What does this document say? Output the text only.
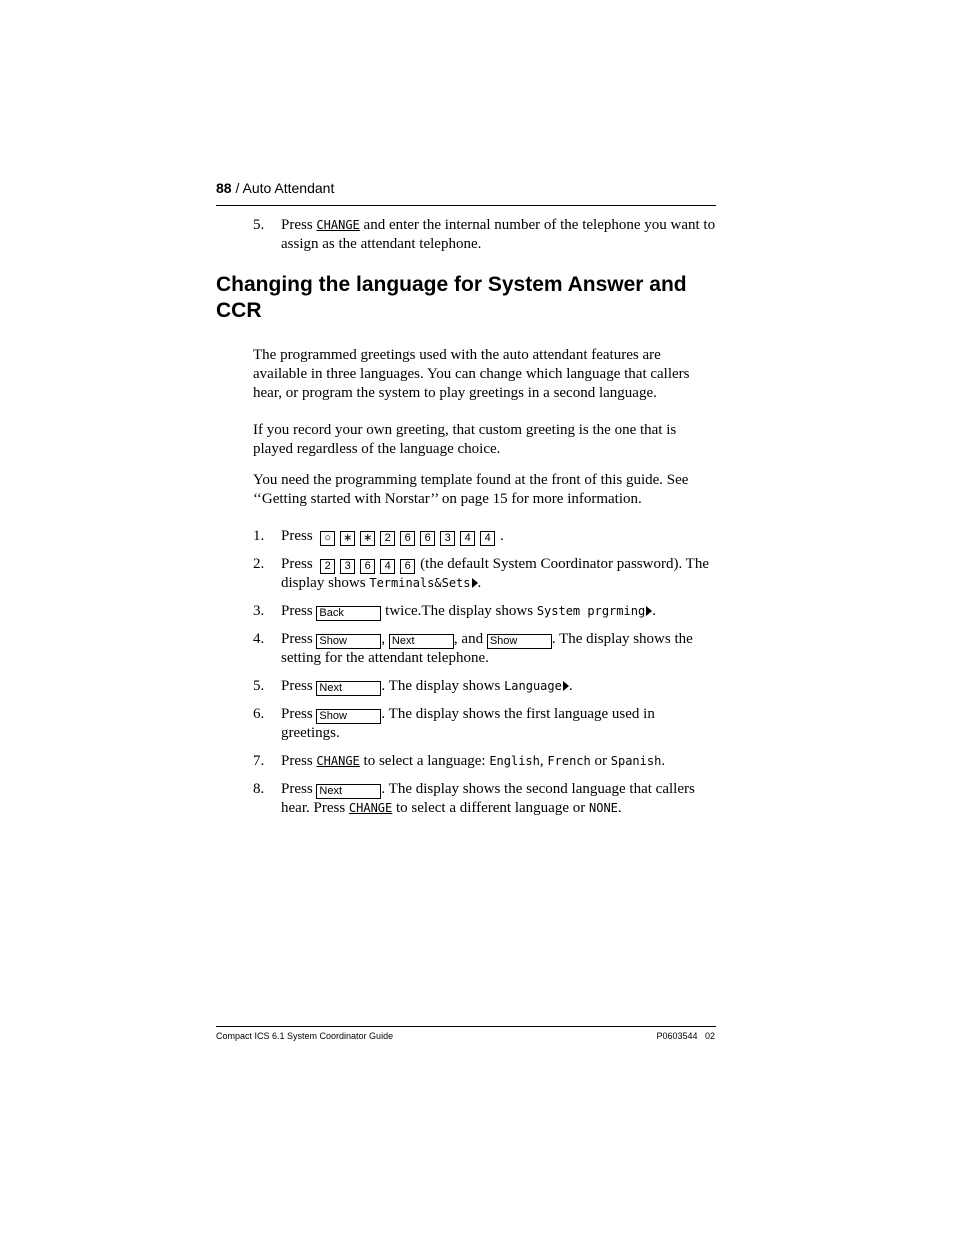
88 / Auto Attendant
5. Press CHANGE and enter the internal number of the telephone you want to assign as the attendant telephone.
Changing the language for System Answer and CCR
The programmed greetings used with the auto attendant features are available in three languages. You can change which language that callers hear, or program the system to play greetings in a second language.
If you record your own greeting, that custom greeting is the one that is played regardless of the language choice.
You need the programming template found at the front of this guide. See ‘‘Getting started with Norstar’’ on page 15 for more information.
1. Press ○ ∗ ∗ 2 6 6 3 4 4 .
2. Press 2 3 6 4 6 (the default System Coordinator password). The display shows Terminals&Sets .
3. Press Back	twice.The display shows System prgrming .
4. Press Show , Next	, and Show . The display shows the setting for the attendant telephone.
5. Press Next	. The display shows Language .
6. Press Show . The display shows the first language used in greetings.
7. Press CHANGE to select a language: English, French or Spanish.
8. Press Next	. The display shows the second language that callers hear. Press CHANGE to select a different language or NONE.
Compact ICS 6.1 System Coordinator Guide	P0603544   02
